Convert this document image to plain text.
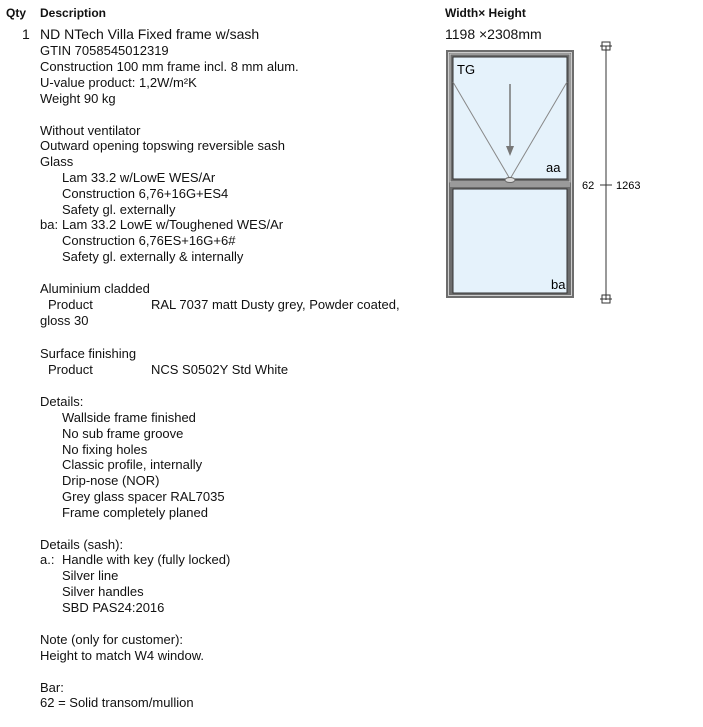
Qty Description	Width× Height
1 ND NTech Villa Fixed frame w/sash	1198 ×2308mm
GTIN 7058545012319
Construction 100 mm frame incl. 8 mm alum.
U-value product: 1,2W/m²K
Weight 90 kg
Without ventilator
Outward opening topswing reversible sash
Glass
Lam 33.2 w/LowE WES/Ar
Construction 6,76+16G+ES4
Safety gl. externally
ba: Lam 33.2 LowE w/Toughened WES/Ar
Construction 6,76ES+16G+6#
Safety gl. externally & internally
Aluminium cladded
Product	RAL 7037 matt Dusty grey, Powder coated,
gloss 30
Surface finishing
Product	NCS S0502Y Std White
Details:
Wallside frame finished
No sub frame groove
No fixing holes
Classic profile, internally
Drip-nose (NOR)
Grey glass spacer RAL7035
Frame completely planed
Details (sash):
a.: Handle with key (fully locked)
Silver line
Silver handles
SBD PAS24:2016
Note (only for customer):
Height to match W4 window.
Bar:
62 = Solid transom/mullion
TG
aa
ba
62 1263
